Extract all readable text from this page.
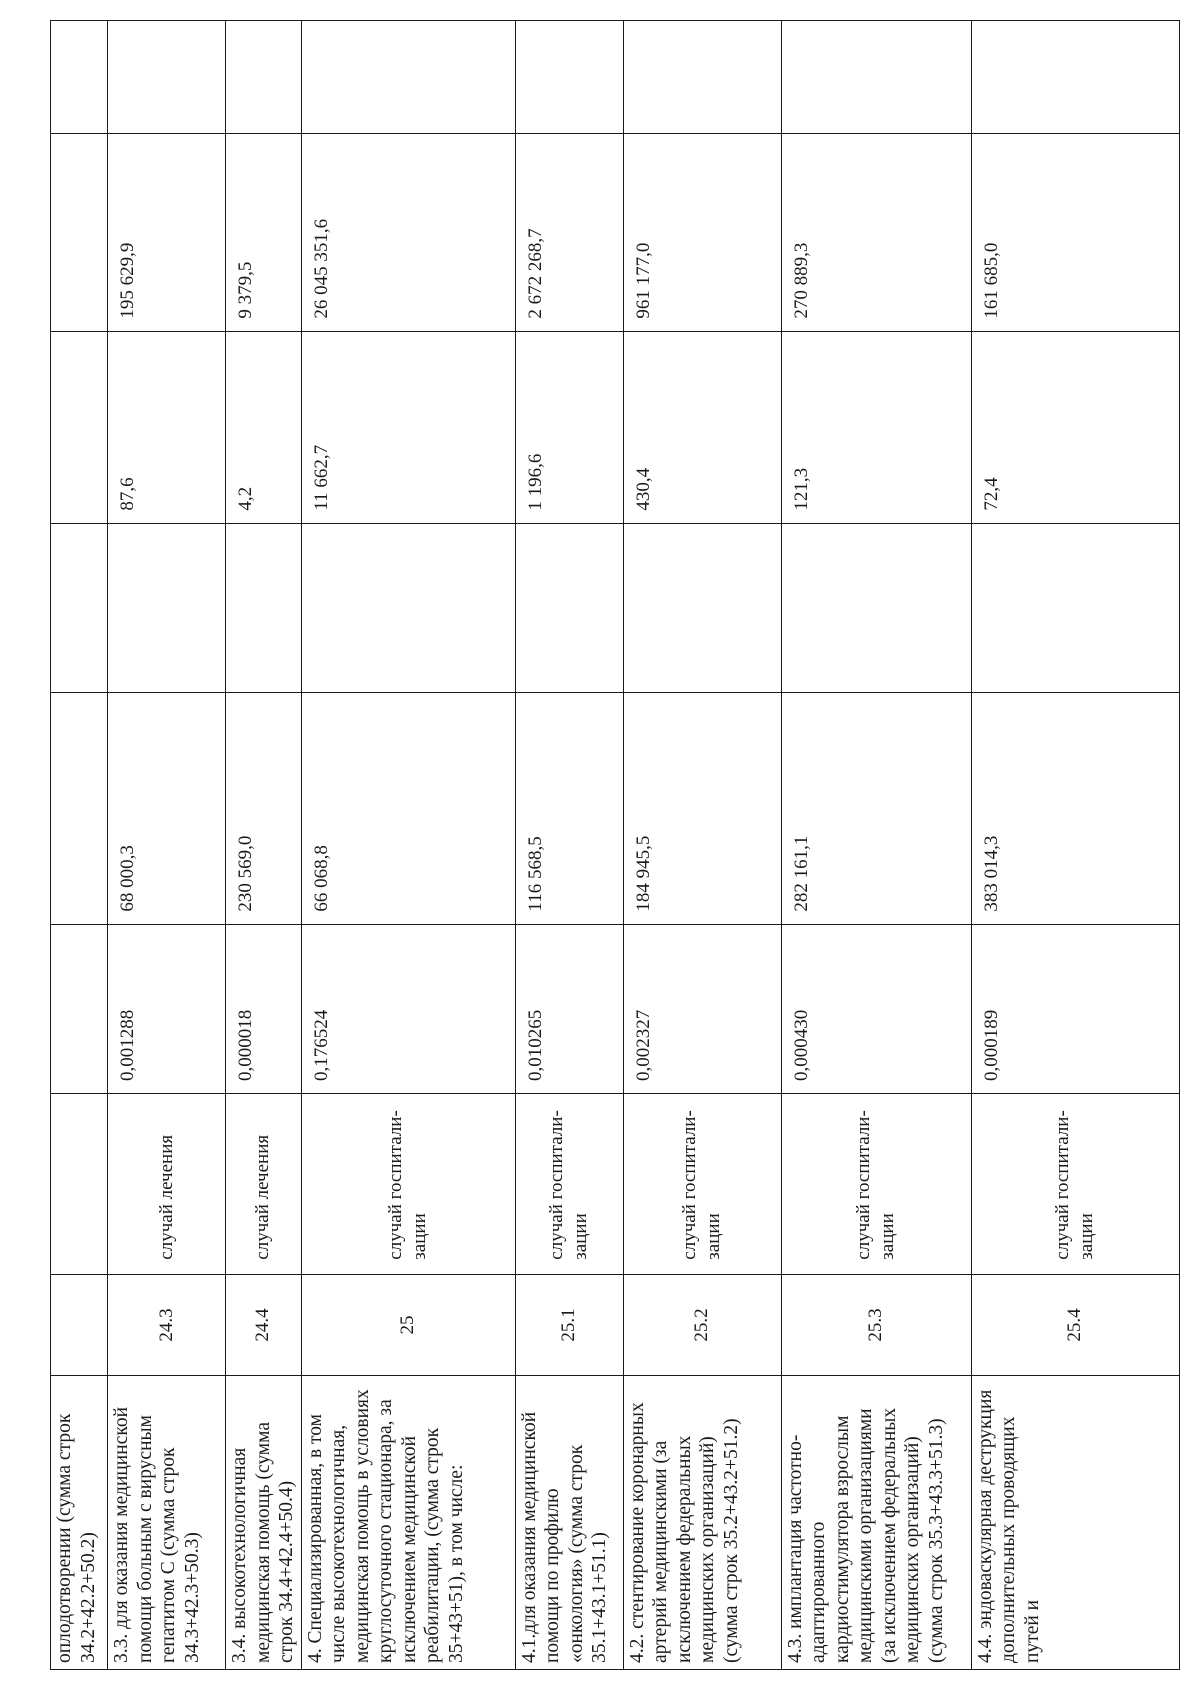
оплодотворении (сумма строк 34.2+42.2+50.2)								
3.3. для оказания медицинской помощи больным с вирусным гепатитом С (сумма строк 34.3+42.3+50.3)	24.3	случай лечения	0,001288	68 000,3		87,6	195 629,9	
3.4. высокотехнологичная медицинская помощь (сумма строк 34.4+42.4+50.4)	24.4	случай лечения	0,000018	230 569,0		4,2	9 379,5	
4. Специализированная, в том числе высокотехнологичная, медицинская помощь в условиях круглосуточного стационара, за исключением медицинской реабилитации, (сумма строк 35+43+51), в том числе:	25	случай госпитали- зации	0,176524	66 068,8		11 662,7	26 045 351,6	
4.1.для оказания медицинской помощи по профилю «онкология» (сумма строк 35.1+43.1+51.1)	25.1	случай госпитали- зации	0,010265	116 568,5		1 196,6	2 672 268,7	
4.2. стентирование коронарных артерий медицинскими (за исключением федеральных медицинских организаций) (сумма строк 35.2+43.2+51.2)	25.2	случай госпитали- зации	0,002327	184 945,5		430,4	961 177,0	
4.3. имплантация частотно-адаптированного кардиостимулятора взрослым медицинскими организациями (за исключением федеральных медицинских организаций) (сумма строк 35.3+43.3+51.3)	25.3	случай госпитали- зации	0,000430	282 161,1		121,3	270 889,3	
4.4. эндоваскулярная деструкция дополнительных проводящих путей и	25.4	случай госпитали- зации	0,000189	383 014,3		72,4	161 685,0	
